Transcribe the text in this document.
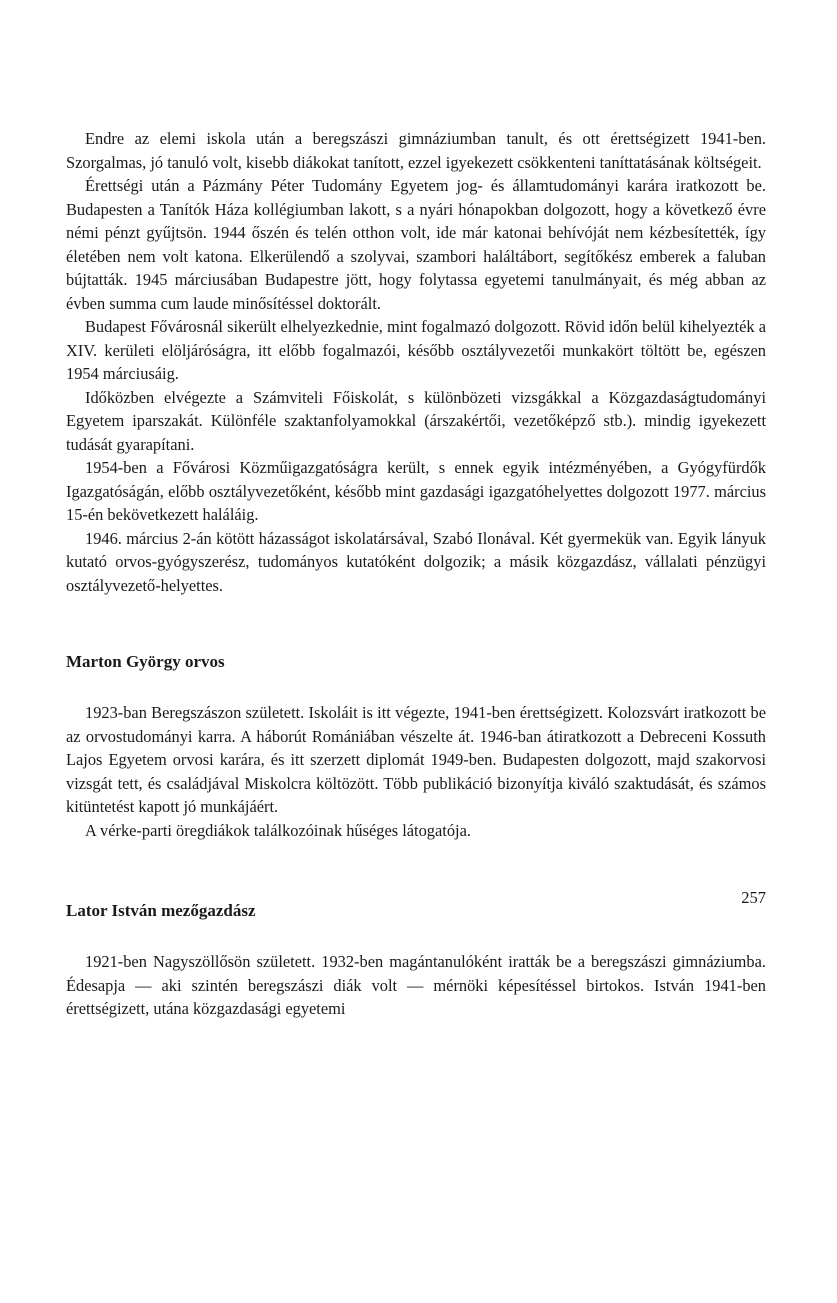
Endre az elemi iskola után a beregszászi gimnáziumban tanult, és ott érettségizett 1941-ben. Szorgalmas, jó tanuló volt, kisebb diákokat tanított, ezzel igyekezett csökkenteni taníttatásának költségeit.

Érettségi után a Pázmány Péter Tudomány Egyetem jog- és államtudományi karára iratkozott be. Budapesten a Tanítók Háza kollégiumban lakott, s a nyári hónapokban dolgozott, hogy a következő évre némi pénzt gyűjtsön. 1944 őszén és telén otthon volt, ide már katonai behívóját nem kézbesítették, így életében nem volt katona. Elkerülendő a szolyvai, szambori haláltábort, segítőkész emberek a faluban bújtatták. 1945 márciusában Budapestre jött, hogy folytassa egyetemi tanulmányait, és még abban az évben summa cum laude minősítéssel doktorált.

Budapest Fővárosnál sikerült elhelyezkednie, mint fogalmazó dolgozott. Rövid időn belül kihelyezték a XIV. kerületi elöljáróságra, itt előbb fogalmazói, később osztályvezetői munkakört töltött be, egészen 1954 márciusáig.

Időközben elvégezte a Számviteli Főiskolát, s különbözeti vizsgákkal a Közgazdaságtudományi Egyetem iparszakát. Különféle szaktanfolyamokkal (árszakértői, vezetőképző stb.). mindig igyekezett tudását gyarapítani.

1954-ben a Fővárosi Közműigazgatóságra került, s ennek egyik intézményében, a Gyógyfürdők Igazgatóságán, előbb osztályvezetőként, később mint gazdasági igazgatóhelyettes dolgozott 1977. március 15-én bekövetkezett haláláig.

1946. március 2-án kötött házasságot iskolatársával, Szabó Ilonával. Két gyermekük van. Egyik lányuk kutató orvos-gyógyszerész, tudományos kutatóként dolgozik; a másik közgazdász, vállalati pénzügyi osztályvezető-helyettes.

Marton György orvos

1923-ban Beregszászon született. Iskoláit is itt végezte, 1941-ben érettségizett. Kolozsvárt iratkozott be az orvostudományi karra. A háborút Romániában vészelte át. 1946-ban átiratkozott a Debreceni Kossuth Lajos Egyetem orvosi karára, és itt szerzett diplomát 1949-ben. Budapesten dolgozott, majd szakorvosi vizsgát tett, és családjával Miskolcra költözött. Több publikáció bizonyítja kiváló szaktudását, és számos kitüntetést kapott jó munkájáért.

A vérke-parti öregdiákok találkozóinak hűséges látogatója.

Lator István mezőgazdász

1921-ben Nagyszöllősön született. 1932-ben magántanulóként iratták be a beregszászi gimnáziumba. Édesapja — aki szintén beregszászi diák volt — mérnöki képesítéssel birtokos. István 1941-ben érettségizett, utána közgazdasági egyetemi

257
